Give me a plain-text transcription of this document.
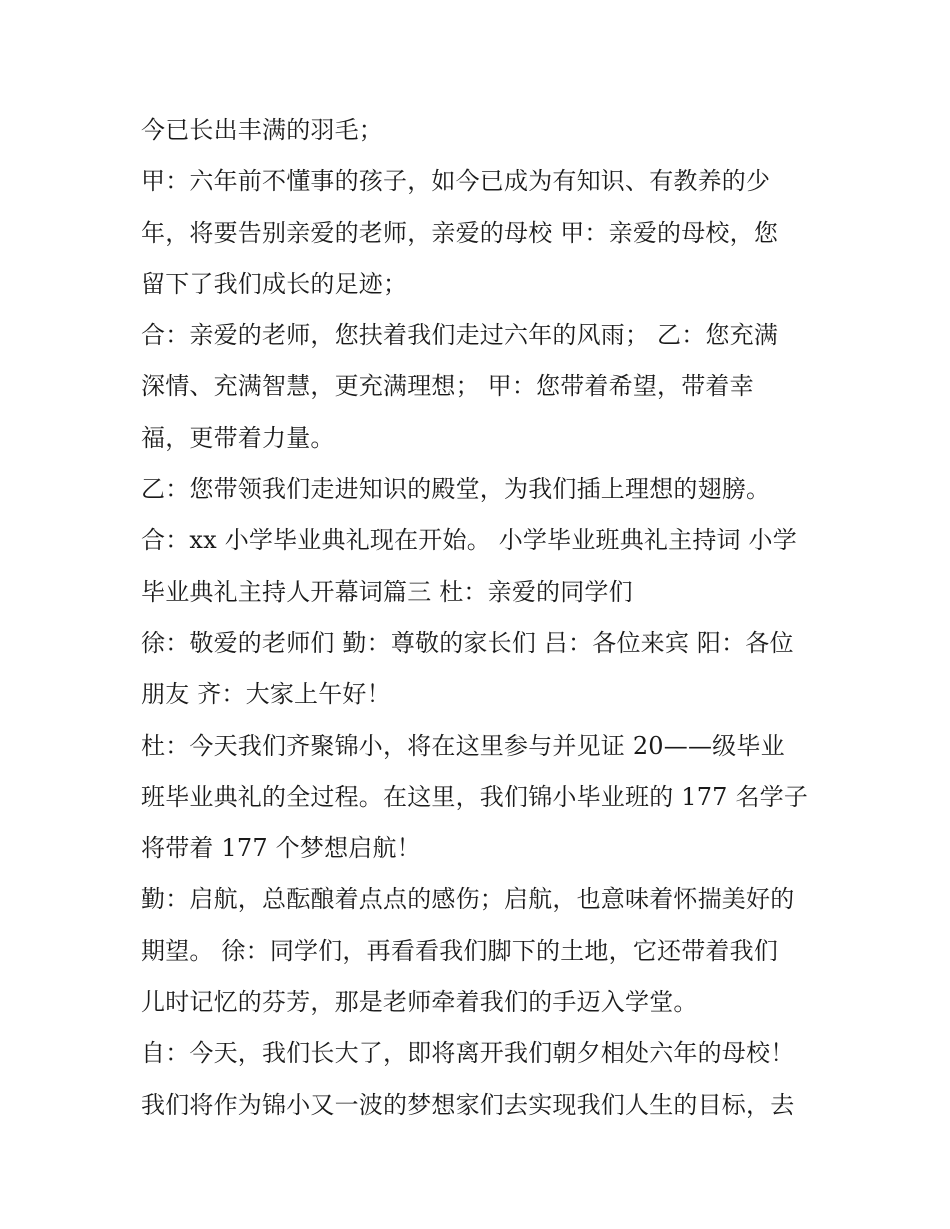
今已长出丰满的羽毛；
甲：六年前不懂事的孩子，如今已成为有知识、有教养的少
年，将要告别亲爱的老师，亲爱的母校 甲：亲爱的母校，您
留下了我们成长的足迹；
合：亲爱的老师，您扶着我们走过六年的风雨； 乙：您充满
深情、充满智慧，更充满理想； 甲：您带着希望，带着幸
福，更带着力量。
乙：您带领我们走进知识的殿堂，为我们插上理想的翅膀。
合：xx 小学毕业典礼现在开始。 小学毕业班典礼主持词 小学
毕业典礼主持人开幕词篇三 杜：亲爱的同学们
徐：敬爱的老师们 勤：尊敬的家长们 吕：各位来宾 阳：各位
朋友 齐：大家上午好！
杜：今天我们齐聚锦小，将在这里参与并见证 20——级毕业
班毕业典礼的全过程。在这里，我们锦小毕业班的 177 名学子
将带着 177 个梦想启航！
勤：启航，总酝酿着点点的感伤；启航，也意味着怀揣美好的
期望。 徐：同学们，再看看我们脚下的土地，它还带着我们
儿时记忆的芬芳，那是老师牵着我们的手迈入学堂。
自：今天，我们长大了，即将离开我们朝夕相处六年的母校！
我们将作为锦小又一波的梦想家们去实现我们人生的目标，去
